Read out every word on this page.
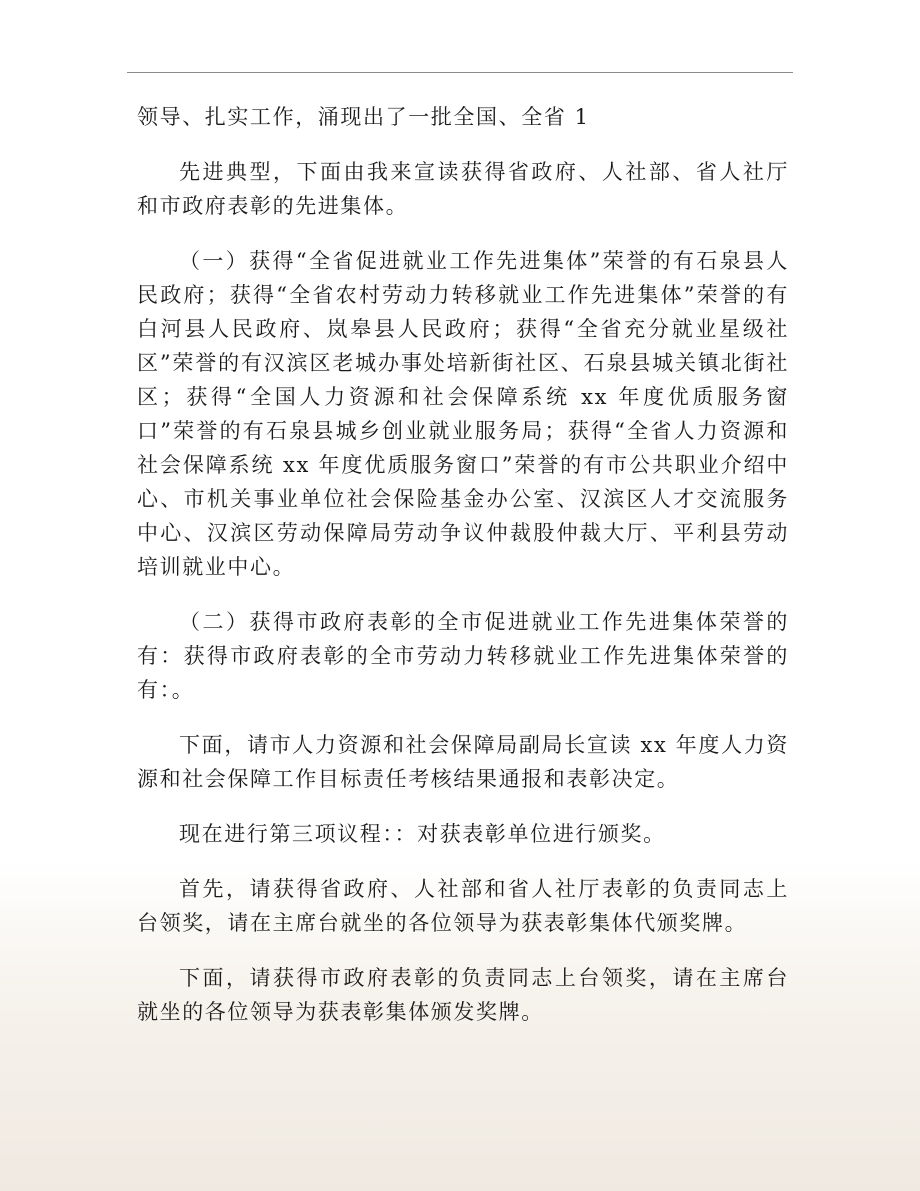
领导、扎实工作，涌现出了一批全国、全省 1

先进典型，下面由我来宣读获得省政府、人社部、省人社厅和市政府表彰的先进集体。

（一）获得“全省促进就业工作先进集体”荣誉的有石泉县人民政府；获得“全省农村劳动力转移就业工作先进集体”荣誉的有白河县人民政府、岚皋县人民政府；获得“全省充分就业星级社区”荣誉的有汉滨区老城办事处培新街社区、石泉县城关镇北街社区；获得“全国人力资源和社会保障系统 xx 年度优质服务窗口”荣誉的有石泉县城乡创业就业服务局；获得“全省人力资源和社会保障系统 xx 年度优质服务窗口”荣誉的有市公共职业介绍中心、市机关事业单位社会保险基金办公室、汉滨区人才交流服务中心、汉滨区劳动保障局劳动争议仲裁股仲裁大厅、平利县劳动培训就业中心。

（二）获得市政府表彰的全市促进就业工作先进集体荣誉的有：获得市政府表彰的全市劳动力转移就业工作先进集体荣誉的有：。

下面，请市人力资源和社会保障局副局长宣读 xx 年度人力资源和社会保障工作目标责任考核结果通报和表彰决定。

现在进行第三项议程：：对获表彰单位进行颁奖。

首先，请获得省政府、人社部和省人社厅表彰的负责同志上台领奖，请在主席台就坐的各位领导为获表彰集体代颁奖牌。

下面，请获得市政府表彰的负责同志上台领奖，请在主席台就坐的各位领导为获表彰集体颁发奖牌。
